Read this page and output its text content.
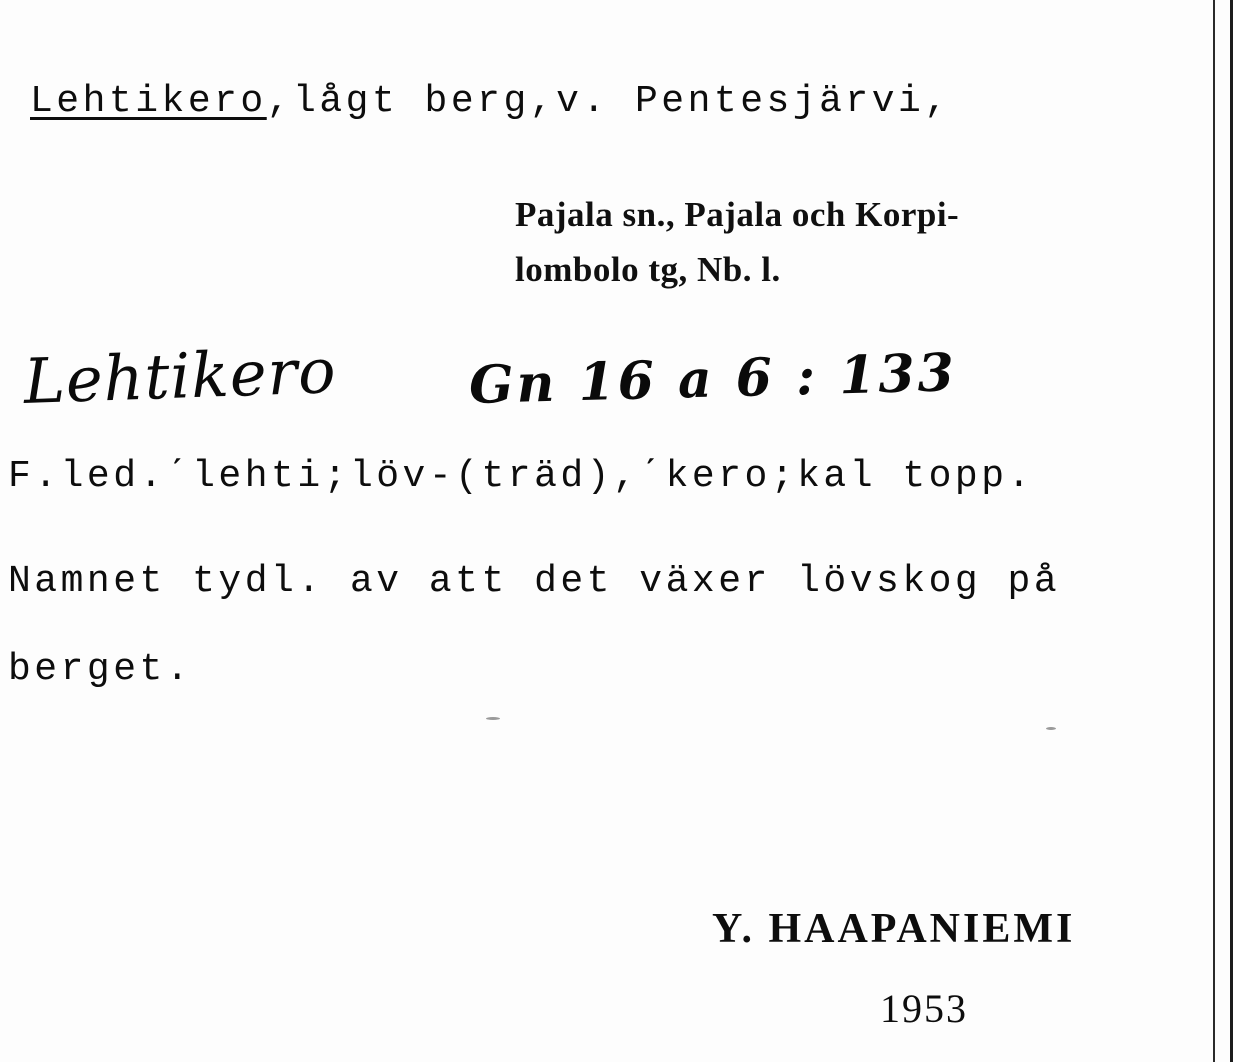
Lehtikero,lågt berg,v. Pentesjärvi,
Pajala sn., Pajala och Korpi-
lombolo tg, Nb. l.
Lehtikero	Gn 16 a 6 : 133
F.led.ˊlehti;löv-(träd),ˊkero;kal topp.
Namnet tydl. av att det växer lövskog på
berget.
Y. HAAPANIEMI
1953
